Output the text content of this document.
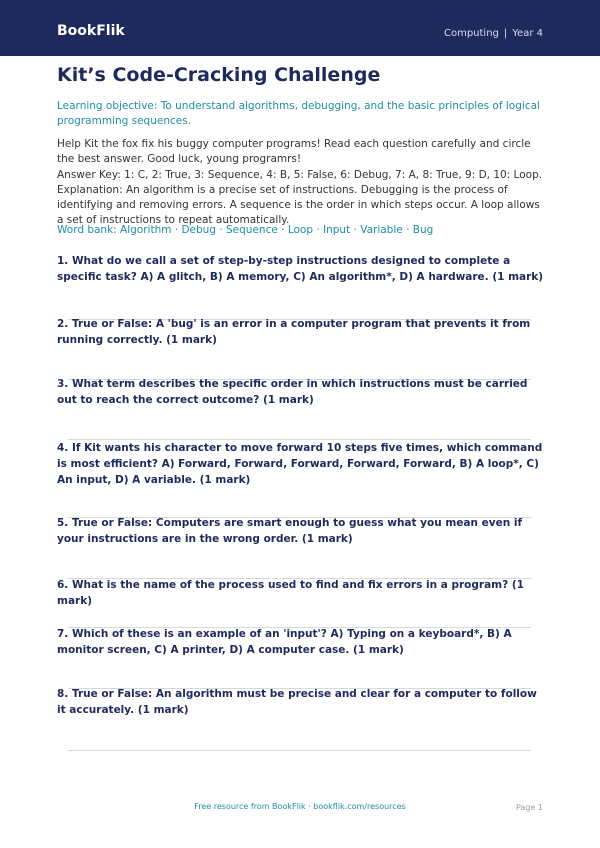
BookFlik	Computing | Year 4
Kit’s Code-Cracking Challenge
Learning objective: To understand algorithms, debugging, and the basic principles of logical programming sequences.
Help Kit the fox fix his buggy computer programs! Read each question carefully and circle the best answer. Good luck, young programrs!
Answer Key: 1: C, 2: True, 3: Sequence, 4: B, 5: False, 6: Debug, 7: A, 8: True, 9: D, 10: Loop. Explanation: An algorithm is a precise set of instructions. Debugging is the process of identifying and removing errors. A sequence is the order in which steps occur. A loop allows a set of instructions to repeat automatically.
Word bank: Algorithm · Debug · Sequence · Loop · Input · Variable · Bug
1. What do we call a set of step-by-step instructions designed to complete a specific task? A) A glitch, B) A memory, C) An algorithm*, D) A hardware. (1 mark)
2. True or False: A 'bug' is an error in a computer program that prevents it from running correctly. (1 mark)
3. What term describes the specific order in which instructions must be carried out to reach the correct outcome? (1 mark)
4. If Kit wants his character to move forward 10 steps five times, which command is most efficient? A) Forward, Forward, Forward, Forward, Forward, B) A loop*, C) An input, D) A variable. (1 mark)
5. True or False: Computers are smart enough to guess what you mean even if your instructions are in the wrong order. (1 mark)
6. What is the name of the process used to find and fix errors in a program? (1 mark)
7. Which of these is an example of an 'input'? A) Typing on a keyboard*, B) A monitor screen, C) A printer, D) A computer case. (1 mark)
8. True or False: An algorithm must be precise and clear for a computer to follow it accurately. (1 mark)
Free resource from BookFlik · bookflik.com/resources	Page 1
